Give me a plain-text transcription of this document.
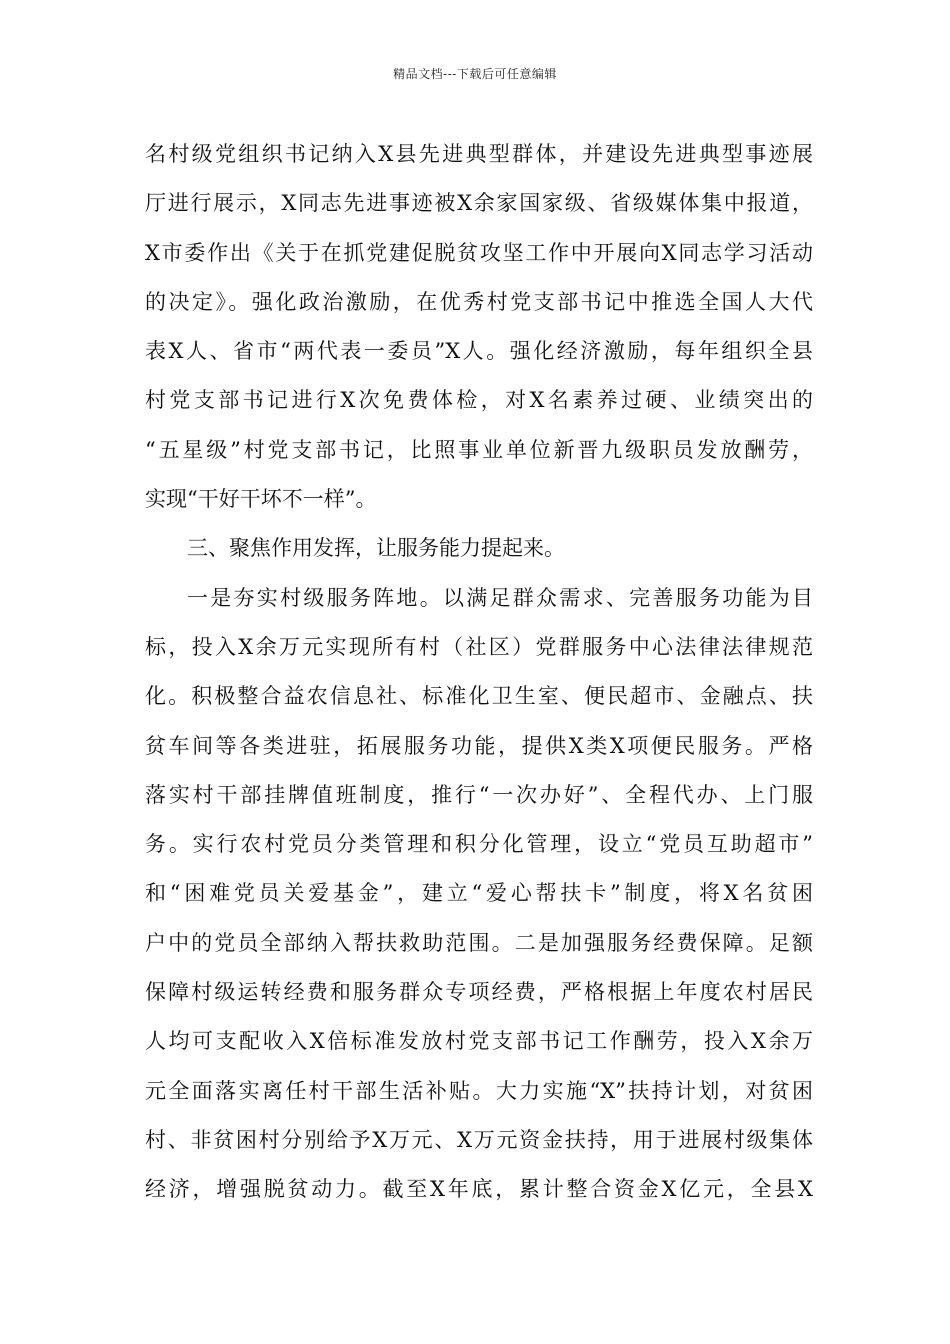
精品文档---下载后可任意编辑
名村级党组织书记纳入X县先进典型群体，并建设先进典型事迹展
厅进行展示，X同志先进事迹被X余家国家级、省级媒体集中报道，
X市委作出《关于在抓党建促脱贫攻坚工作中开展向X同志学习活动
的决定》。强化政治激励，在优秀村党支部书记中推选全国人大代
表X人、省市“两代表一委员”X人。强化经济激励，每年组织全县
村党支部书记进行X次免费体检，对X名素养过硬、业绩突出的
“五星级”村党支部书记，比照事业单位新晋九级职员发放酬劳，
实现“干好干坏不一样”。
三、聚焦作用发挥，让服务能力提起来。
一是夯实村级服务阵地。以满足群众需求、完善服务功能为目
标，投入X余万元实现所有村（社区）党群服务中心法律法律规范
化。积极整合益农信息社、标准化卫生室、便民超市、金融点、扶
贫车间等各类进驻，拓展服务功能，提供X类X项便民服务。严格
落实村干部挂牌值班制度，推行“一次办好”、全程代办、上门服
务。实行农村党员分类管理和积分化管理，设立“党员互助超市”
和“困难党员关爱基金”，建立“爱心帮扶卡”制度，将X名贫困
户中的党员全部纳入帮扶救助范围。二是加强服务经费保障。足额
保障村级运转经费和服务群众专项经费，严格根据上年度农村居民
人均可支配收入X倍标准发放村党支部书记工作酬劳，投入X余万
元全面落实离任村干部生活补贴。大力实施“X”扶持计划，对贫困
村、非贫困村分别给予X万元、X万元资金扶持，用于进展村级集体
经济，增强脱贫动力。截至X年底，累计整合资金X亿元，全县X
